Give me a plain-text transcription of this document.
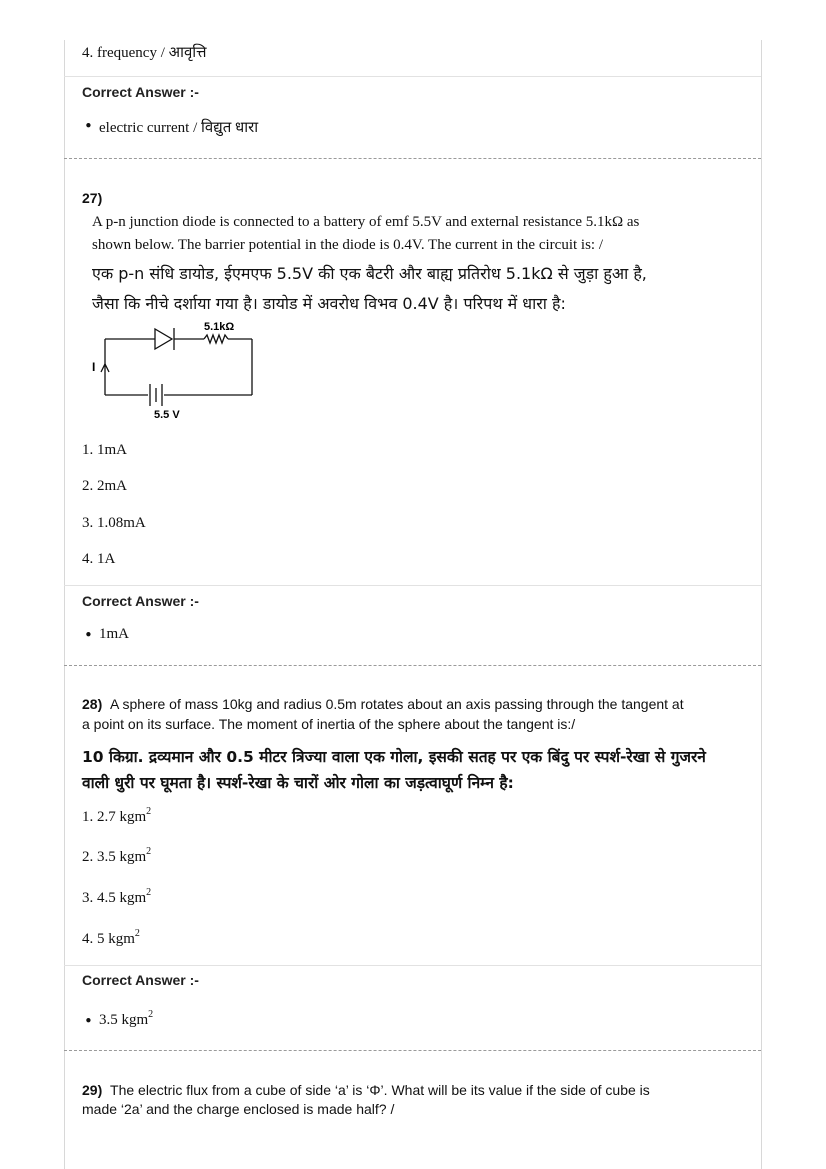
4. frequency / आवृत्ति
Correct Answer :-
• electric current / विद्युत धारा
27)
A p-n junction diode is connected to a battery of emf 5.5V and external resistance 5.1kΩ as
shown below. The barrier potential in the diode is 0.4V. The current in the circuit is: /
एक p-n संधि डायोड, ईएमएफ 5.5V की एक बैटरी और बाह्य प्रतिरोध 5.1kΩ से जुड़ा हुआ है,
जैसा कि नीचे दर्शाया गया है। डायोड में अवरोध विभव 0.4V है। परिपथ में धारा है:
5.1kΩ
I
5.5 V
1. 1mA
2. 2mA
3. 1.08mA
4. 1A
Correct Answer :-
• 1mA
28) A sphere of mass 10kg and radius 0.5m rotates about an axis passing through the tangent at
a point on its surface. The moment of inertia of the sphere about the tangent is:/
10 किग्रा. द्रव्यमान और 0.5 मीटर त्रिज्या वाला एक गोला, इसकी सतह पर एक बिंदु पर स्पर्श-रेखा से गुजरने
वाली धुरी पर घूमता है। स्पर्श-रेखा के चारों ओर गोला का जड़त्वाघूर्ण निम्न है:
1. 2.7 kgm$^2$
2. 3.5 kgm$^2$
3. 4.5 kgm$^2$
4. 5 kgm$^2$
Correct Answer :-
• 3.5 kgm$^2$
29) The electric flux from a cube of side ‘a’ is ‘Φ’. What will be its value if the side of cube is
made ‘2a’ and the charge enclosed is made half? /
